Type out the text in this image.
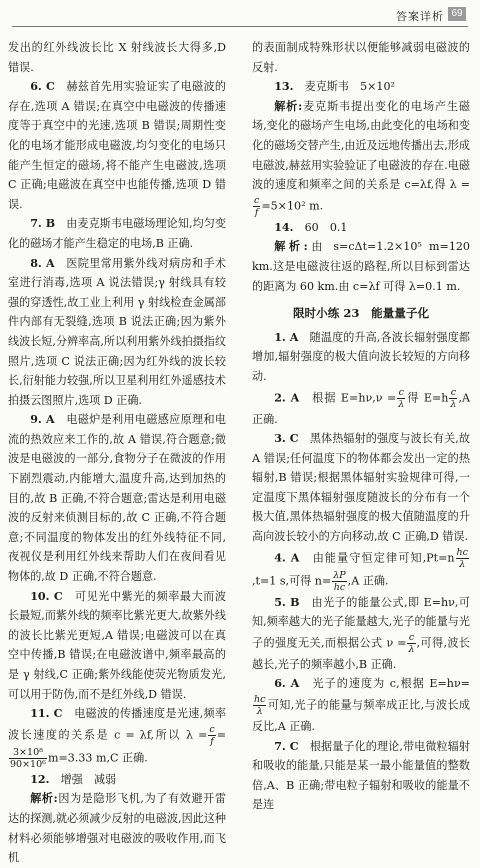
答案详析 69

发出的红外线波长比 X 射线波长大得多,D 错误.

6. C　 赫兹首先用实验证实了电磁波的存在,选项 A 错误;在真空中电磁波的传播速度等于真空中的光速,选项 B 错误;周期性变化的电场才能形成电磁波,均匀变化的电场只能产生恒定的磁场,将不能产生电磁波,选项 C 正确;电磁波在真空中也能传播,选项 D 错误.

7. B　 由麦克斯韦电磁场理论知,均匀变化的磁场才能产生稳定的电场,B 正确.

8. A　 医院里常用紫外线对病房和手术室进行消毒,选项 A 说法错误;γ 射线具有较强的穿透性,故工业上利用 γ 射线检查金属部件内部有无裂缝,选项 B 说法正确;因为紫外线波长短,分辨率高,所以利用紫外线拍摄指纹照片,选项 C 说法正确;因为红外线的波长较长,衍射能力较强,所以卫星利用红外遥感技术拍摄云图照片,选项 D 正确.

9. A　 电磁炉是利用电磁感应原理和电流的热效应来工作的,故 A 错误,符合题意;微波是电磁波的一部分,食物分子在微波的作用下剧烈震动,内能增大,温度升高,达到加热的目的,故 B 正确,不符合题意;雷达是利用电磁波的反射来侦测目标的,故 C 正确,不符合题意;不同温度的物体发出的红外线特征不同,夜视仪是利用红外线来帮助人们在夜间看见物体的,故 D 正确,不符合题意.

10. C　 可见光中紫光的频率最大而波长最短,而紫外线的频率比紫光更大,故紫外线的波长比紫光更短,A 错误;电磁波可以在真空中传播,B 错误;在电磁波谱中,频率最高的是 γ 射线,C 正确;紫外线能使荧光物质发光,可以用于防伪,而不是红外线,D 错误.

11. C　 电磁波的传播速度是光速,频率波长速度的关系是 c = λf,所以 $\lambda = \frac{c}{f}$ =
$\frac{\text{3×10⁸}}{\text{90×10⁶}} m=3.33$ m,C 正确.

12.　 增强　减弱

解析:因为是隐形飞机,为了有效避开雷达的探测,就必须减少反射的电磁波,因此这种材料必须能够增强对电磁波的吸收作用,而飞机

的表面制成特殊形状以便能够减弱电磁波的反射.

13.　 麦克斯韦　5×10²

解析:麦克斯韦提出变化的电场产生磁场,变化的磁场产生电场,由此变化的电场和变化的磁场交替产生,由近及远地传播出去,形成电磁波,赫兹用实验验证了电磁波的存在.电磁波的速度和频率之间的关系是 c=λf,得 λ =
$\frac{c}{f} =5\times 10^2$ m.

14.　 60　0.1

解析:由 s=cΔt=1.2×10⁵ m=120 km.这是电磁波往返的路程,所以目标到雷达的距离为 60 km.由 c=λf 可得 λ=0.1 m.

限时小练 23　能量量子化

1. A　 随温度的升高,各波长辐射强度都增加,辐射强度的极大值向波长较短的方向移动.

2. A　 根据 $E=h\nu,\nu = \frac{c}{\lambda}$ 得 $E=h \frac{c}{\lambda} ,A$ 正确.

3. C　 黑体热辐射的强度与波长有关,故 A 错误;任何温度下的物体都会发出一定的热辐射,B 错误;根据黑体辐射实验规律可得,一定温度下黑体辐射强度随波长的分布有一个极大值,黑体热辐射强度的极大值随温度的升高向波长较小的方向移动,故 C 正确,D 错误.

4. A　 由能量守恒定律可知$,Pt=n \frac{hc}{\lambda}$
,t=1 s,可得 $n= \frac{\lambda P}{hc} ,A$ 正确.

5. B　 由光子的能量公式,即 E=hν,可知,频率越大的光子能量越大,光子的能量与光子的强度无关,而根据公式 $\nu = \frac{c}{\lambda}$ ,可得,波长越长,光子的频率越小,B 正确.

6. A　 光子的速度为 c,根据 E=hν=
$\frac{hc}{\lambda}$ 可知,光子的能量与频率成正比,与波长成反比,A 正确.

7. C　 根据量子化的理论,带电微粒辐射和吸收的能量,只能是某一最小能量值的整数倍,A、B 正确;带电粒子辐射和吸收的能量不是连
